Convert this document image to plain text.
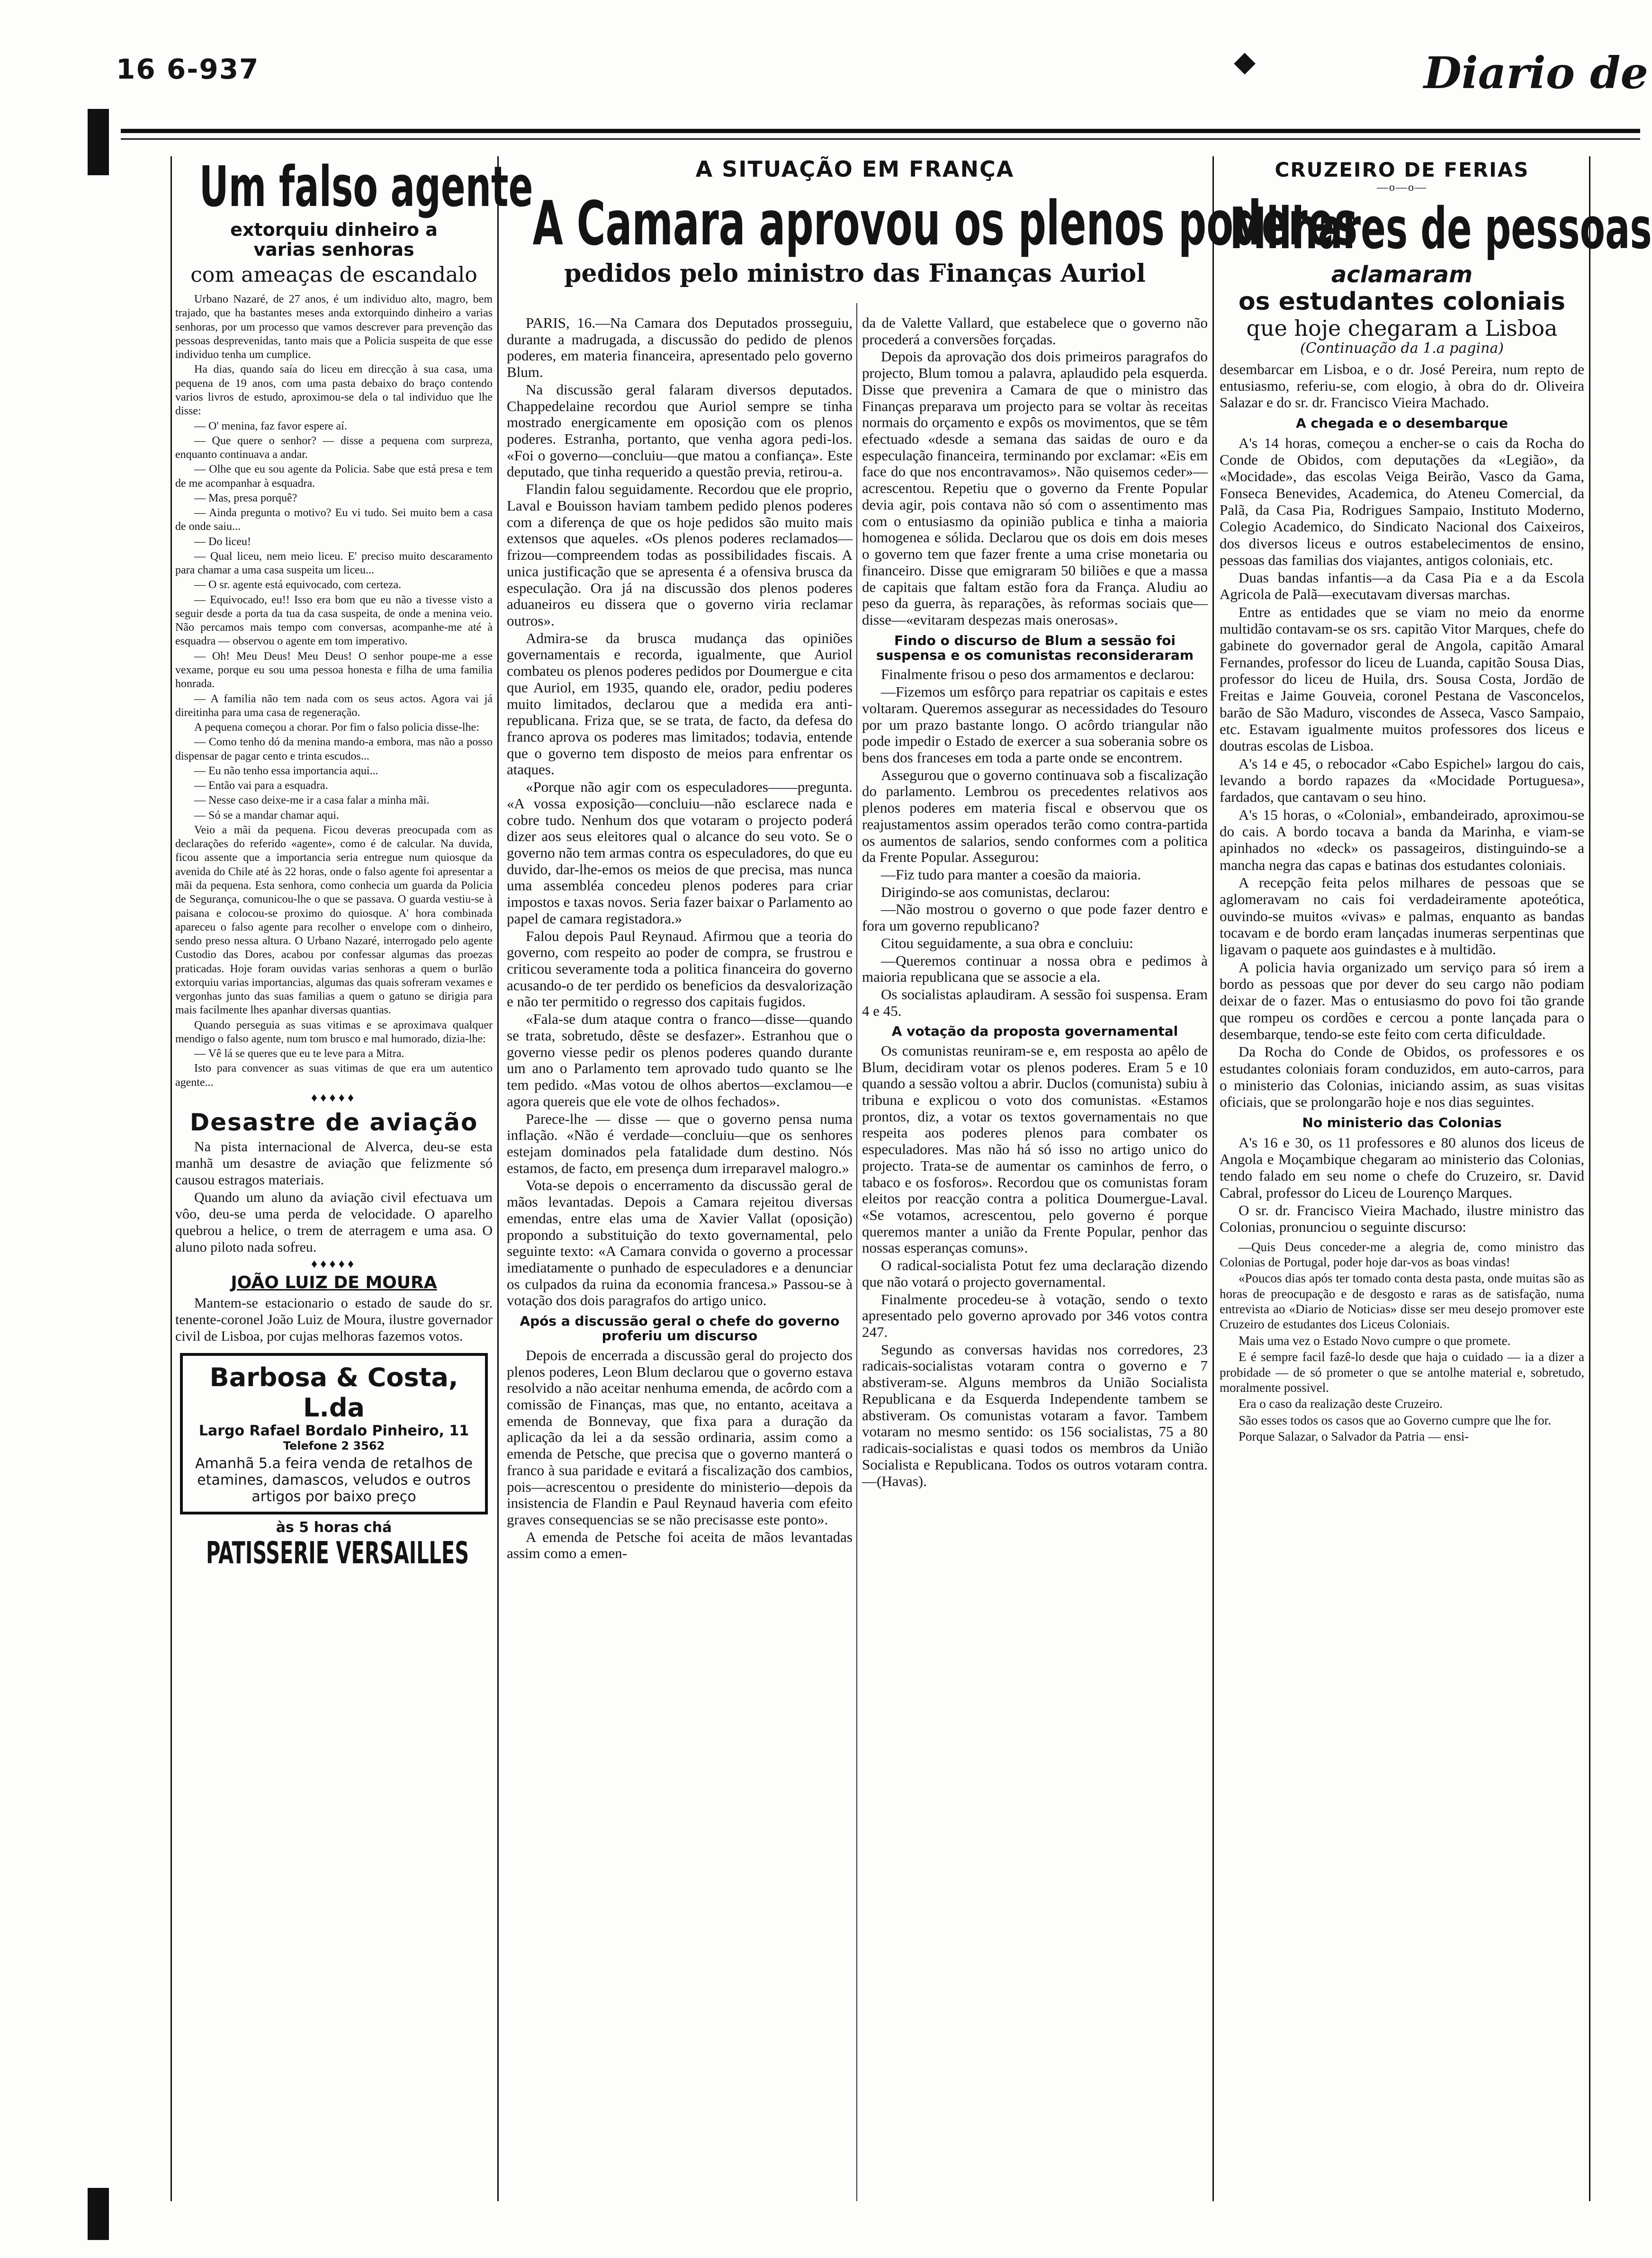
16 6-937	◆	Diario de
Um falso agente
extorquiu dinheiro a varias senhoras
com ameaças de escandalo

Urbano Nazaré, de 27 anos, é um individuo alto, magro, bem trajado, que ha bastantes meses anda extorquindo dinheiro a varias senhoras, por um processo que vamos descrever para prevenção das pessoas desprevenidas, tanto mais que a Policia suspeita de que esse individuo tenha um cumplice.

Ha dias, quando saía do liceu em direcção à sua casa, uma pequena de 19 anos, com uma pasta debaixo do braço contendo varios livros de estudo, aproximou-se dela o tal individuo que lhe disse:

— O' menina, faz favor espere aí.

— Que quere o senhor? — disse a pequena com surpreza, enquanto continuava a andar.

— Olhe que eu sou agente da Policia. Sabe que está presa e tem de me acompanhar à esquadra.

— Mas, presa porquê?

— Ainda pregunta o motivo? Eu vi tudo. Sei muito bem a casa de onde saiu...

— Do liceu!

— Qual liceu, nem meio liceu. E' preciso muito descaramento para chamar a uma casa suspeita um liceu...

— O sr. agente está equivocado, com certeza.

— Equivocado, eu!! Isso era bom que eu não a tivesse visto a seguir desde a porta da tua da casa suspeita, de onde a menina veio. Não percamos mais tempo com conversas, acompanhe-me até à esquadra — observou o agente em tom imperativo.

— Oh! Meu Deus! Meu Deus! O senhor poupe-me a esse vexame, porque eu sou uma pessoa honesta e filha de uma familia honrada.

— A familia não tem nada com os seus actos. Agora vai já direitinha para uma casa de regeneração.

A pequena começou a chorar. Por fim o falso policia disse-lhe:

— Como tenho dó da menina mando-a embora, mas não a posso dispensar de pagar cento e trinta escudos...

— Eu não tenho essa importancia aqui...

— Então vai para a esquadra.

— Nesse caso deixe-me ir a casa falar a minha mãi.

— Só se a mandar chamar aqui.

Veio a mãi da pequena. Ficou deveras preocupada com as declarações do referido «agente», como é de calcular. Na duvida, ficou assente que a importancia seria entregue num quiosque da avenida do Chile até às 22 horas, onde o falso agente foi apresentar a mãi da pequena. Esta senhora, como conhecia um guarda da Policia de Segurança, comunicou-lhe o que se passava. O guarda vestiu-se à paisana e colocou-se proximo do quiosque. A' hora combinada apareceu o falso agente para recolher o envelope com o dinheiro, sendo preso nessa altura. O Urbano Nazaré, interrogado pelo agente Custodio das Dores, acabou por confessar algumas das proezas praticadas. Hoje foram ouvidas varias senhoras a quem o burlão extorquiu varias importancias, algumas das quais sofreram vexames e vergonhas junto das suas familias a quem o gatuno se dirigia para mais facilmente lhes apanhar diversas quantias.

Quando perseguia as suas vitimas e se aproximava qualquer mendigo o falso agente, num tom brusco e mal humorado, dizia-lhe:

— Vê lá se queres que eu te leve para a Mitra.

Isto para convencer as suas vitimas de que era um autentico agente...

♦♦♦♦♦
Desastre de aviação

Na pista internacional de Alverca, deu-se esta manhã um desastre de aviação que felizmente só causou estragos materiais.

Quando um aluno da aviação civil efectuava um vôo, deu-se uma perda de velocidade. O aparelho quebrou a helice, o trem de aterragem e uma asa. O aluno piloto nada sofreu.

♦♦♦♦♦
JOÃO LUIZ DE MOURA

Mantem-se estacionario o estado de saude do sr. tenente-coronel João Luiz de Moura, ilustre governador civil de Lisboa, por cujas melhoras fazemos votos.

Barbosa & Costa, L.da
Largo Rafael Bordalo Pinheiro, 11
Telefone 2 3562
Amanhã 5.a feira venda de retalhos de etamines, damascos, veludos e outros artigos por baixo preço
às 5 horas chá
PATISSERIE VERSAILLES
A SITUAÇÃO EM FRANÇA
A Camara aprovou os plenos poderes
pedidos pelo ministro das Finanças Auriol

PARIS, 16.—Na Camara dos Deputados prosseguiu, durante a madrugada, a discussão do pedido de plenos poderes, em materia financeira, apresentado pelo governo Blum.

Na discussão geral falaram diversos deputados. Chappedelaine recordou que Auriol sempre se tinha mostrado energicamente em oposição com os plenos poderes. Estranha, portanto, que venha agora pedi-los. «Foi o governo—concluiu—que matou a confiança». Este deputado, que tinha requerido a questão previa, retirou-a.

Flandin falou seguidamente. Recordou que ele proprio, Laval e Bouisson haviam tambem pedido plenos poderes com a diferença de que os hoje pedidos são muito mais extensos que aqueles. «Os plenos poderes reclamados—frizou—compreendem todas as possibilidades fiscais. A unica justificação que se apresenta é a ofensiva brusca da especulação. Ora já na discussão dos plenos poderes aduaneiros eu dissera que o governo viria reclamar outros».

Admira-se da brusca mudança das opiniões governamentais e recorda, igualmente, que Auriol combateu os plenos poderes pedidos por Doumergue e cita que Auriol, em 1935, quando ele, orador, pediu poderes muito limitados, declarou que a medida era anti-republicana. Friza que, se se trata, de facto, da defesa do franco aprova os poderes mas limitados; todavia, entende que o governo tem disposto de meios para enfrentar os ataques.

«Porque não agir com os especuladores——pregunta. «A vossa exposição—concluiu—não esclarece nada e cobre tudo. Nenhum dos que votaram o projecto poderá dizer aos seus eleitores qual o alcance do seu voto. Se o governo não tem armas contra os especuladores, do que eu duvido, dar-lhe-emos os meios de que precisa, mas nunca uma assembléa concedeu plenos poderes para criar impostos e taxas novos. Seria fazer baixar o Parlamento ao papel de camara registadora.»

Falou depois Paul Reynaud. Afirmou que a teoria do governo, com respeito ao poder de compra, se frustrou e criticou severamente toda a politica financeira do governo acusando-o de ter perdido os beneficios da desvalorização e não ter permitido o regresso dos capitais fugidos.

«Fala-se dum ataque contra o franco—disse—quando se trata, sobretudo, dêste se desfazer». Estranhou que o governo viesse pedir os plenos poderes quando durante um ano o Parlamento tem aprovado tudo quanto se lhe tem pedido. «Mas votou de olhos abertos—exclamou—e agora quereis que ele vote de olhos fechados».

Parece-lhe — disse — que o governo pensa numa inflação. «Não é verdade—concluiu—que os senhores estejam dominados pela fatalidade dum destino. Nós estamos, de facto, em presença dum irreparavel malogro.»

Vota-se depois o encerramento da discussão geral de mãos levantadas. Depois a Camara rejeitou diversas emendas, entre elas uma de Xavier Vallat (oposição) propondo a substituição do texto governamental, pelo seguinte texto: «A Camara convida o governo a processar imediatamente o punhado de especuladores e a denunciar os culpados da ruina da economia francesa.» Passou-se à votação dos dois paragrafos do artigo unico.

Após a discussão geral o chefe do governo proferiu um discurso

Depois de encerrada a discussão geral do projecto dos plenos poderes, Leon Blum declarou que o governo estava resolvido a não aceitar nenhuma emenda, de acôrdo com a comissão de Finanças, mas que, no entanto, aceitava a emenda de Bonnevay, que fixa para a duração da aplicação da lei a da sessão ordinaria, assim como a emenda de Petsche, que precisa que o governo manterá o franco à sua paridade e evitará a fiscalização dos cambios, pois—acrescentou o presidente do ministerio—depois da insistencia de Flandin e Paul Reynaud haveria com efeito graves consequencias se se não precisasse este ponto».

A emenda de Petsche foi aceita de mãos levantadas assim como a emen-

da de Valette Vallard, que estabelece que o governo não procederá a conversões forçadas.

Depois da aprovação dos dois primeiros paragrafos do projecto, Blum tomou a palavra, aplaudido pela esquerda. Disse que prevenira a Camara de que o ministro das Finanças preparava um projecto para se voltar às receitas normais do orçamento e expôs os movimentos, que se têm efectuado «desde a semana das saidas de ouro e da especulação financeira, terminando por exclamar: «Eis em face do que nos encontravamos». Não quisemos ceder»—acrescentou. Repetiu que o governo da Frente Popular devia agir, pois contava não só com o assentimento mas com o entusiasmo da opinião publica e tinha a maioria homogenea e sólida. Declarou que os dois em dois meses o governo tem que fazer frente a uma crise monetaria ou financeiro. Disse que emigraram 50 biliões e que a massa de capitais que faltam estão fora da França. Aludiu ao peso da guerra, às reparações, às reformas sociais que—disse—«evitaram despezas mais onerosas».

Findo o discurso de Blum a sessão foi suspensa e os comunistas reconsideraram

Finalmente frisou o peso dos armamentos e declarou:

—Fizemos um esfôrço para repatriar os capitais e estes voltaram. Queremos assegurar as necessidades do Tesouro por um prazo bastante longo. O acôrdo triangular não pode impedir o Estado de exercer a sua soberania sobre os bens dos franceses em toda a parte onde se encontrem.

Assegurou que o governo continuava sob a fiscalização do parlamento. Lembrou os precedentes relativos aos plenos poderes em materia fiscal e observou que os reajustamentos assim operados terão como contra-partida os aumentos de salarios, sendo conformes com a politica da Frente Popular. Assegurou:

—Fiz tudo para manter a coesão da maioria.

Dirigindo-se aos comunistas, declarou:

—Não mostrou o governo o que pode fazer dentro e fora um governo republicano?

Citou seguidamente, a sua obra e concluiu:

—Queremos continuar a nossa obra e pedimos à maioria republicana que se associe a ela.

Os socialistas aplaudiram. A sessão foi suspensa. Eram 4 e 45.

A votação da proposta governamental

Os comunistas reuniram-se e, em resposta ao apêlo de Blum, decidiram votar os plenos poderes. Eram 5 e 10 quando a sessão voltou a abrir. Duclos (comunista) subiu à tribuna e explicou o voto dos comunistas. «Estamos prontos, diz, a votar os textos governamentais no que respeita aos poderes plenos para combater os especuladores. Mas não há só isso no artigo unico do projecto. Trata-se de aumentar os caminhos de ferro, o tabaco e os fosforos». Recordou que os comunistas foram eleitos por reacção contra a politica Doumergue-Laval. «Se votamos, acrescentou, pelo governo é porque queremos manter a união da Frente Popular, penhor das nossas esperanças comuns».

O radical-socialista Potut fez uma declaração dizendo que não votará o projecto governamental.

Finalmente procedeu-se à votação, sendo o texto apresentado pelo governo aprovado por 346 votos contra 247.

Segundo as conversas havidas nos corredores, 23 radicais-socialistas votaram contra o governo e 7 abstiveram-se. Alguns membros da União Socialista Republicana e da Esquerda Independente tambem se abstiveram. Os comunistas votaram a favor. Tambem votaram no mesmo sentido: os 156 socialistas, 75 a 80 radicais-socialistas e quasi todos os membros da União Socialista e Republicana. Todos os outros votaram contra.—(Havas).

CRUZEIRO DE FERIAS
—o—o—
Milhares de pessoas
aclamaram
os estudantes coloniais
que hoje chegaram a Lisboa
(Continuação da 1.a pagina)

desembarcar em Lisboa, e o dr. José Pereira, num repto de entusiasmo, referiu-se, com elogio, à obra do dr. Oliveira Salazar e do sr. dr. Francisco Vieira Machado.

A chegada e o desembarque

A's 14 horas, começou a encher-se o cais da Rocha do Conde de Obidos, com deputações da «Legião», da «Mocidade», das escolas Veiga Beirão, Vasco da Gama, Fonseca Benevides, Academica, do Ateneu Comercial, da Palã, da Casa Pia, Rodrigues Sampaio, Instituto Moderno, Colegio Academico, do Sindicato Nacional dos Caixeiros, dos diversos liceus e outros estabelecimentos de ensino, pessoas das familias dos viajantes, antigos coloniais, etc.

Duas bandas infantis—a da Casa Pia e a da Escola Agricola de Palã—executavam diversas marchas.

Entre as entidades que se viam no meio da enorme multidão contavam-se os srs. capitão Vitor Marques, chefe do gabinete do governador geral de Angola, capitão Amaral Fernandes, professor do liceu de Luanda, capitão Sousa Dias, professor do liceu de Huila, drs. Sousa Costa, Jordão de Freitas e Jaime Gouveia, coronel Pestana de Vasconcelos, barão de São Maduro, viscondes de Asseca, Vasco Sampaio, etc. Estavam igualmente muitos professores dos liceus e doutras escolas de Lisboa.

A's 14 e 45, o rebocador «Cabo Espichel» largou do cais, levando a bordo rapazes da «Mocidade Portuguesa», fardados, que cantavam o seu hino.

A's 15 horas, o «Colonial», embandeirado, aproximou-se do cais. A bordo tocava a banda da Marinha, e viam-se apinhados no «deck» os passageiros, distinguindo-se a mancha negra das capas e batinas dos estudantes coloniais.

A recepção feita pelos milhares de pessoas que se aglomeravam no cais foi verdadeiramente apoteótica, ouvindo-se muitos «vivas» e palmas, enquanto as bandas tocavam e de bordo eram lançadas inumeras serpentinas que ligavam o paquete aos guindastes e à multidão.

A policia havia organizado um serviço para só irem a bordo as pessoas que por dever do seu cargo não podiam deixar de o fazer. Mas o entusiasmo do povo foi tão grande que rompeu os cordões e cercou a ponte lançada para o desembarque, tendo-se este feito com certa dificuldade.

Da Rocha do Conde de Obidos, os professores e os estudantes coloniais foram conduzidos, em auto-carros, para o ministerio das Colonias, iniciando assim, as suas visitas oficiais, que se prolongarão hoje e nos dias seguintes.

No ministerio das Colonias

A's 16 e 30, os 11 professores e 80 alunos dos liceus de Angola e Moçambique chegaram ao ministerio das Colonias, tendo falado em seu nome o chefe do Cruzeiro, sr. David Cabral, professor do Liceu de Lourenço Marques.

O sr. dr. Francisco Vieira Machado, ilustre ministro das Colonias, pronunciou o seguinte discurso:

—Quis Deus conceder-me a alegria de, como ministro das Colonias de Portugal, poder hoje dar-vos as boas vindas!

«Poucos dias após ter tomado conta desta pasta, onde muitas são as horas de preocupação e de desgosto e raras as de satisfação, numa entrevista ao «Diario de Noticias» disse ser meu desejo promover este Cruzeiro de estudantes dos Liceus Coloniais.

Mais uma vez o Estado Novo cumpre o que promete.

E é sempre facil fazê-lo desde que haja o cuidado — ia a dizer a probidade — de só prometer o que se antolhe material e, sobretudo, moralmente possivel.

Era o caso da realização deste Cruzeiro.

São esses todos os casos que ao Governo cumpre que lhe for.

Porque Salazar, o Salvador da Patria — ensi-
